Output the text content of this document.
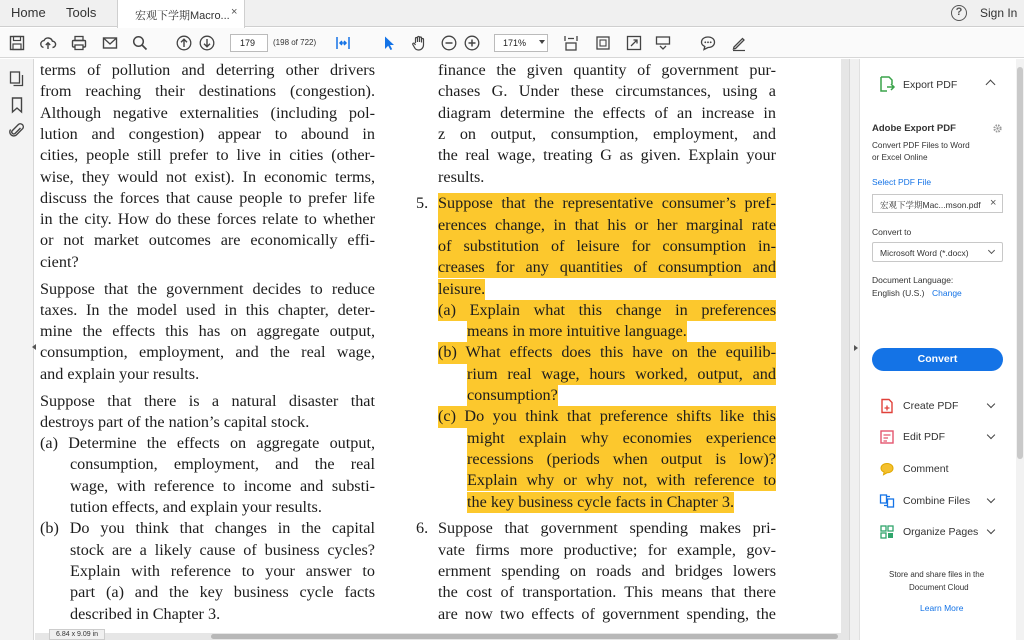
Home Tools	宏观下学期Macro... ×	?	Sign In
179	(198 of 722)	171%
terms of pollution and deterring other drivers
from reaching their destinations (congestion).
Although negative externalities (including pol-
lution and congestion) appear to abound in
cities, people still prefer to live in cities (other-
wise, they would not exist). In economic terms,
discuss the forces that cause people to prefer life
in the city. How do these forces relate to whether
or not market outcomes are economically effi-
cient?
Suppose that the government decides to reduce
taxes. In the model used in this chapter, deter-
mine the effects this has on aggregate output,
consumption, employment, and the real wage,
and explain your results.
Suppose that there is a natural disaster that
destroys part of the nation’s capital stock.
(a) Determine the effects on aggregate output,
consumption, employment, and the real
wage, with reference to income and substi-
tution effects, and explain your results.
(b) Do you think that changes in the capital
stock are a likely cause of business cycles?
Explain with reference to your answer to
part (a) and the key business cycle facts
described in Chapter 3.
finance the given quantity of government pur-
chases G. Under these circumstances, using a
diagram determine the effects of an increase in
z on output, consumption, employment, and
the real wage, treating G as given. Explain your
results.
5. Suppose that the representative consumer’s pref-
erences change, in that his or her marginal rate
of substitution of leisure for consumption in-
creases for any quantities of consumption and
leisure.
(a) Explain what this change in preferences
means in more intuitive language.
(b) What effects does this have on the equilib-
rium real wage, hours worked, output, and
consumption?
(c) Do you think that preference shifts like this
might explain why economies experience
recessions (periods when output is low)?
Explain why or why not, with reference to
the key business cycle facts in Chapter 3.
6. Suppose that government spending makes pri-
vate firms more productive; for example, gov-
ernment spending on roads and bridges lowers
the cost of transportation. This means that there
are now two effects of government spending, the
6.84 x 9.09 in
Export PDF
Adobe Export PDF
Convert PDF Files to Word
or Excel Online
Select PDF File
宏观下学期Mac...mson.pdf ×
Convert to
Microsoft Word (*.docx)
Document Language:
English (U.S.) Change
Convert
Create PDF
Edit PDF
Comment
Combine Files
Organize Pages
Store and share files in the
Document Cloud
Learn More
